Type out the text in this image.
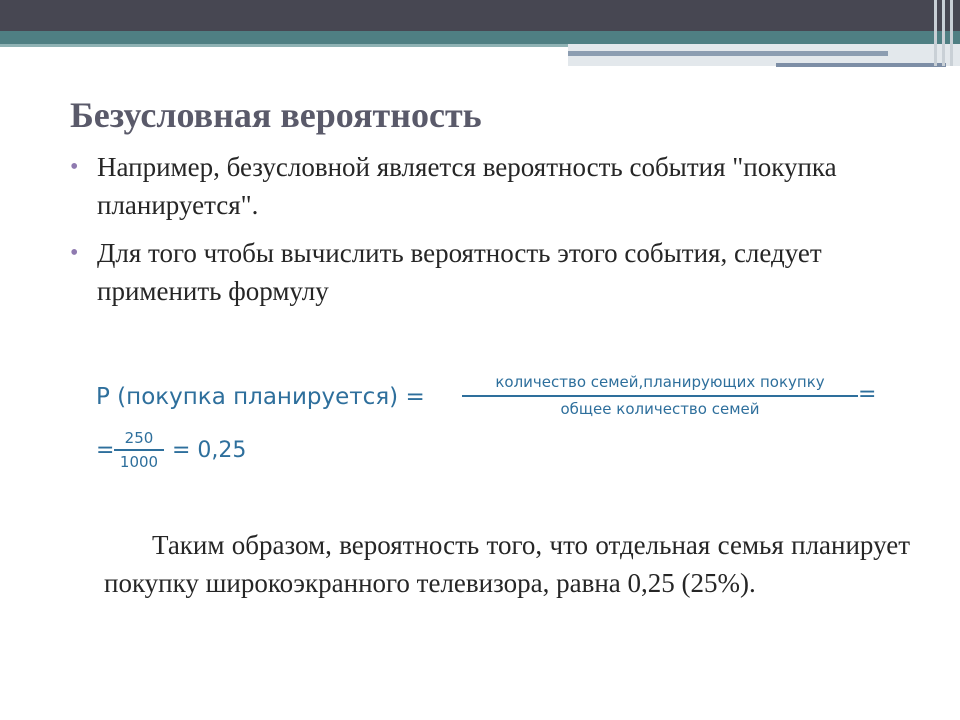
Безусловная вероятность
• Например, безусловной является вероятность события "покупка планируется".
• Для того чтобы вычислить вероятность этого события, следует применить формулу
P (покупка планируется) =
количество семей,планирующих покупку
общее количество семей
=
= 250
1000 = 0,25

Таким образом, вероятность того, что отдельная семья планирует покупку широкоэкранного телевизора, равна 0,25 (25%).
